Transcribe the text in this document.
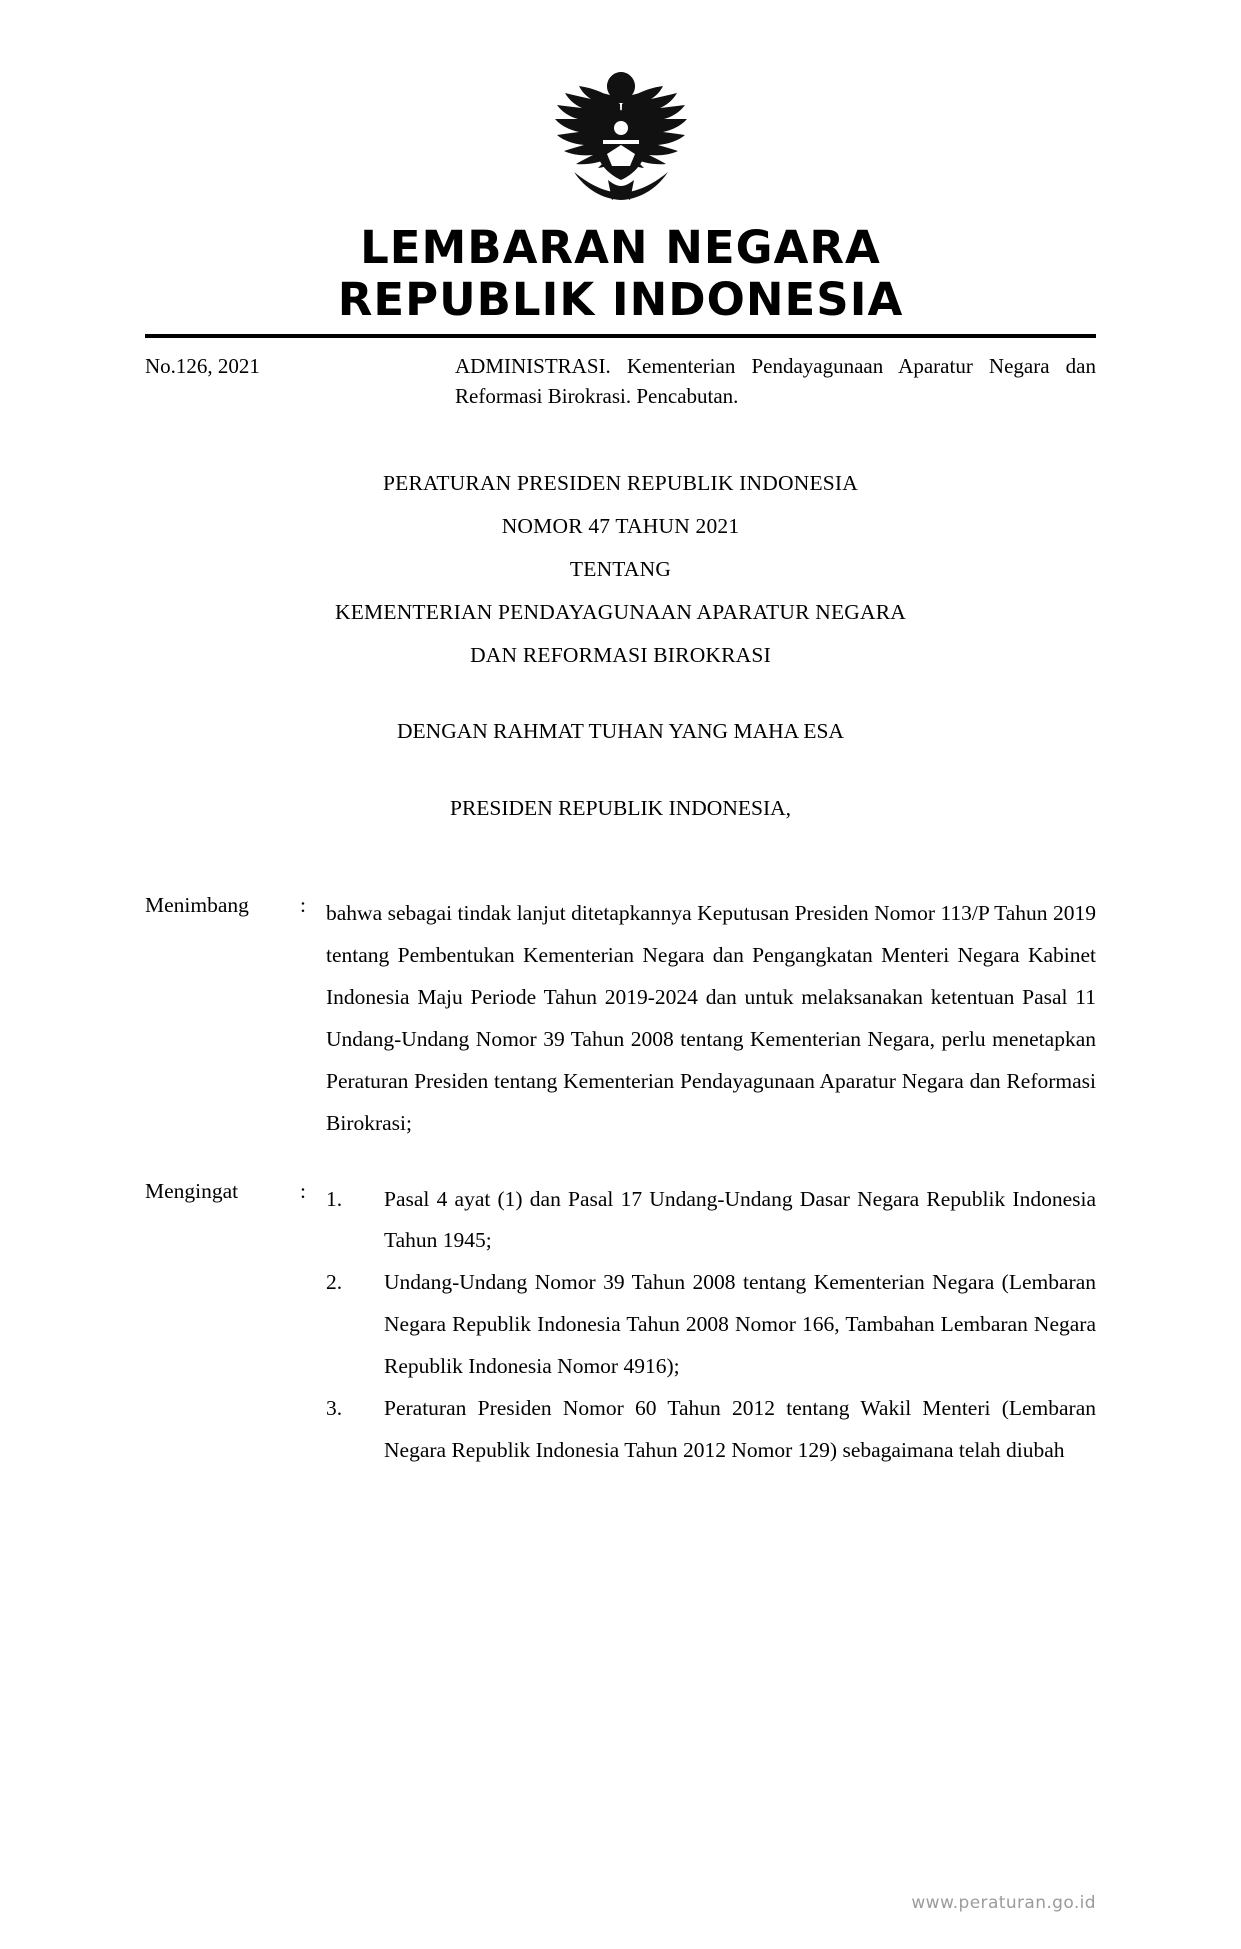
LEMBARAN NEGARA
REPUBLIK INDONESIA
No.126, 2021	ADMINISTRASI. Kementerian Pendayagunaan Aparatur Negara dan Reformasi Birokrasi. Pencabutan.
PERATURAN PRESIDEN REPUBLIK INDONESIA
NOMOR 47 TAHUN 2021
TENTANG
KEMENTERIAN PENDAYAGUNAAN APARATUR NEGARA
DAN REFORMASI BIROKRASI
DENGAN RAHMAT TUHAN YANG MAHA ESA
PRESIDEN REPUBLIK INDONESIA,
Menimbang	: bahwa sebagai tindak lanjut ditetapkannya Keputusan Presiden Nomor 113/P Tahun 2019 tentang Pembentukan Kementerian Negara dan Pengangkatan Menteri Negara Kabinet Indonesia Maju Periode Tahun 2019-2024 dan untuk melaksanakan ketentuan Pasal 11 Undang-Undang Nomor 39 Tahun 2008 tentang Kementerian Negara, perlu menetapkan Peraturan Presiden tentang Kementerian Pendayagunaan Aparatur Negara dan Reformasi Birokrasi;

Mengingat	: 1.	Pasal 4 ayat (1) dan Pasal 17 Undang-Undang Dasar Negara Republik Indonesia Tahun 1945;
2.	Undang-Undang Nomor 39 Tahun 2008 tentang Kementerian Negara (Lembaran Negara Republik Indonesia Tahun 2008 Nomor 166, Tambahan Lembaran Negara Republik Indonesia Nomor 4916);
3.	Peraturan Presiden Nomor 60 Tahun 2012 tentang Wakil Menteri (Lembaran Negara Republik Indonesia Tahun 2012 Nomor 129) sebagaimana telah diubah
www.peraturan.go.id
